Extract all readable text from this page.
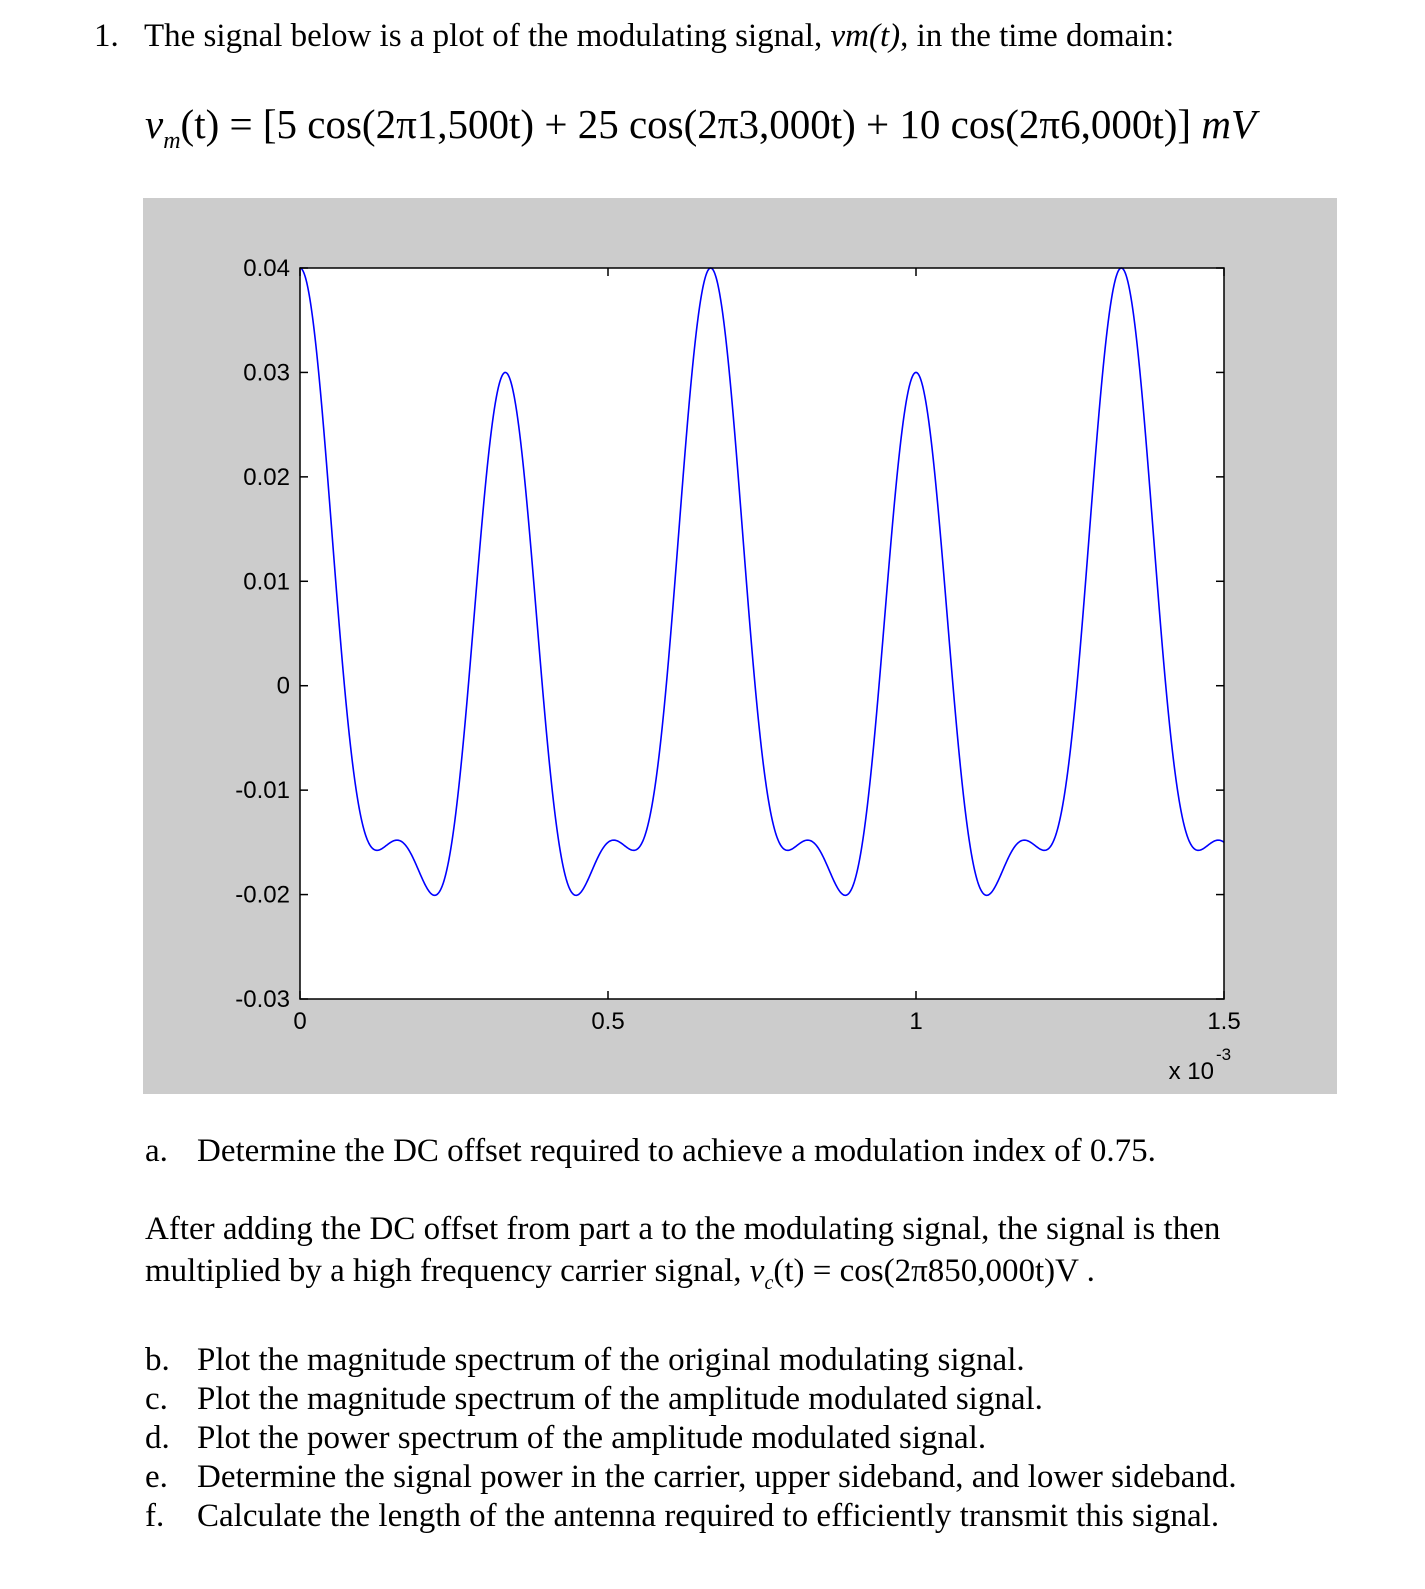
1. The signal below is a plot of the modulating signal, vm(t), in the time domain:
$v_m(t) = [5$ cos(2π1,500t) + 25 cos(2π3,000t) + 10 cos(2π6,000t)] mV
0.04
0.03
0.02
0.01
0
-0.01
-0.02
-0.03
0	0.5	1	1.5
x 10
-3
a. Determine the DC offset required to achieve a modulation index of 0.75.
After adding the DC offset from part a to the modulating signal, the signal is then
multiplied by a high frequency carrier signal, $v_c(t) = \cos(2\pi 850,000t)V$ .
b. Plot the magnitude spectrum of the original modulating signal.
c. Plot the magnitude spectrum of the amplitude modulated signal.
d. Plot the power spectrum of the amplitude modulated signal.
e. Determine the signal power in the carrier, upper sideband, and lower sideband.
f. Calculate the length of the antenna required to efficiently transmit this signal.
